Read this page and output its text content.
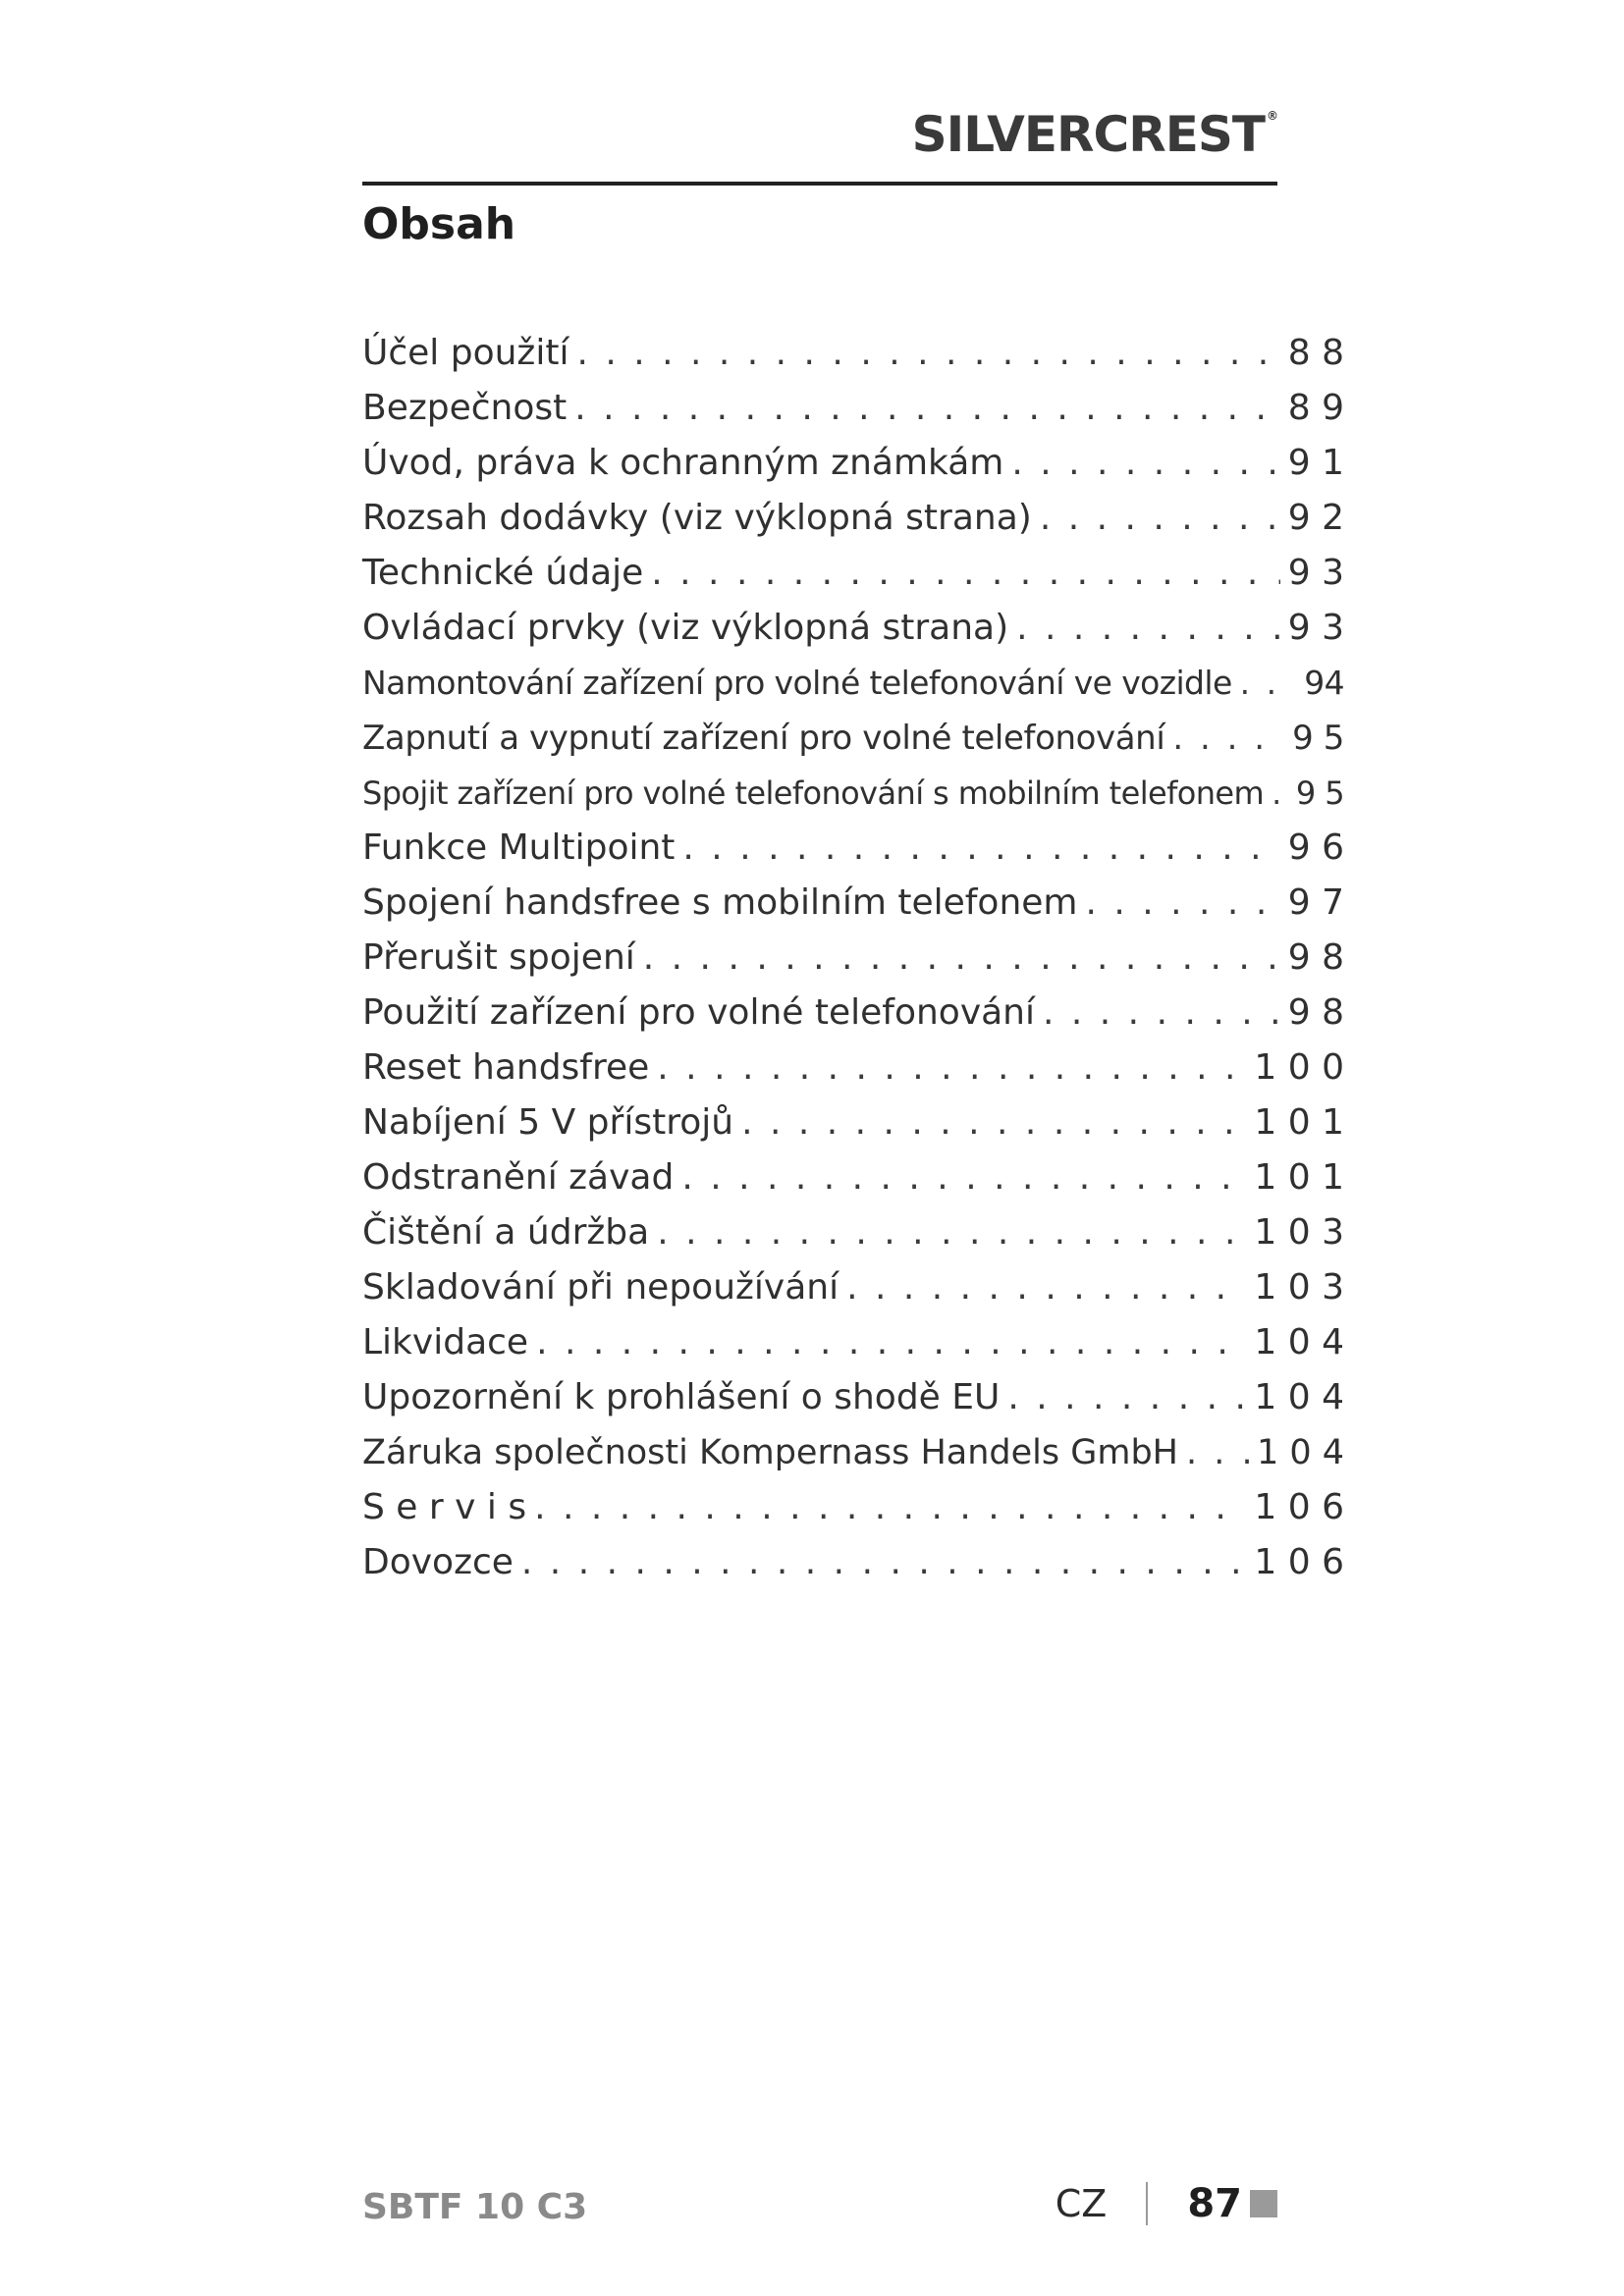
SILVERCREST ®
Obsah
Účel použití . . .	8 8
Bezpečnost . . .	8 9
Úvod, práva k ochranným známkám . . .	9 1
Rozsah dodávky (viz výklopná strana) . . .	9 2
Technické údaje . . .	9 3
Ovládací prvky (viz výklopná strana) . . .	9 3
Namontování zařízení pro volné telefonování ve vozidle . . . 94
Zapnutí a vypnutí zařízení pro volné telefonování . . .	9 5
Spojit zařízení pro volné telefonování s mobilním telefonem . . . 9 5
Funkce Multipoint . . .	9 6
Spojení handsfree s mobilním telefonem . . .	9 7
Přerušit spojení . . .	9 8
Použití zařízení pro volné telefonování . . .	9 8
Reset handsfree . . .	1 0 0
Nabíjení 5 V přístrojů . . .	1 0 1
Odstranění závad . . .	1 0 1
Čištění a údržba . . .	1 0 3
Skladování při nepoužívání . . .	1 0 3
Likvidace . . .	1 0 4
Upozornění k prohlášení o shodě EU . . .	1 0 4
Záruka společnosti Kompernass Handels GmbH . . . 1 0 4
S e r v i s . . .	1 0 6
Dovozce . . .	1 0 6
SBTF 10 C3	CZ 87
